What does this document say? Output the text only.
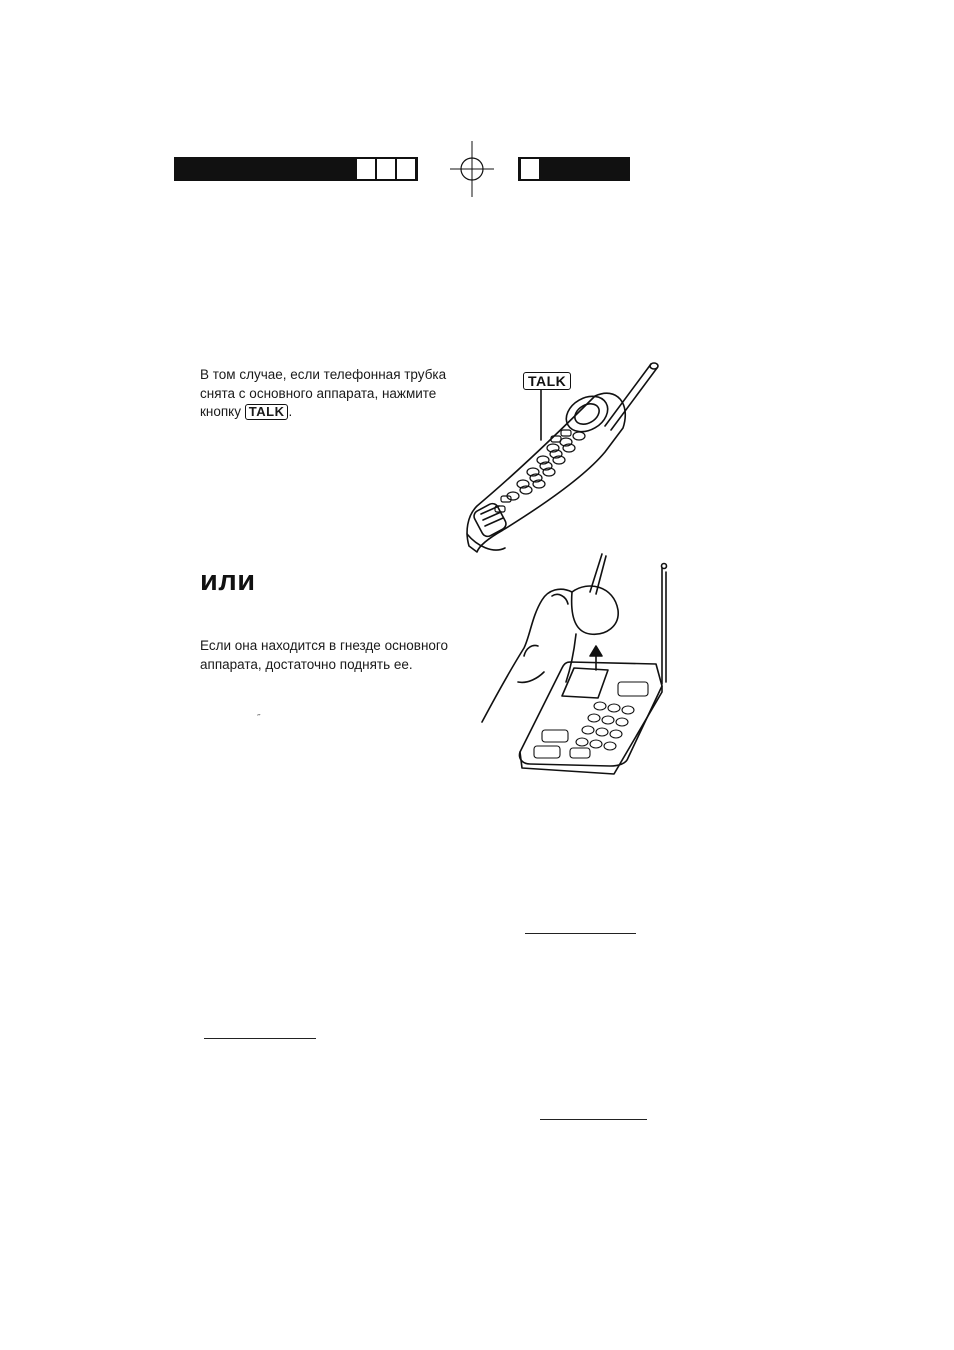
В том случае, если телефонная трубка снята с основного аппарата, нажмите кнопку TALK .
TALK
или
Если она находится в гнезде основного аппарата, достаточно поднять ее.
˝
